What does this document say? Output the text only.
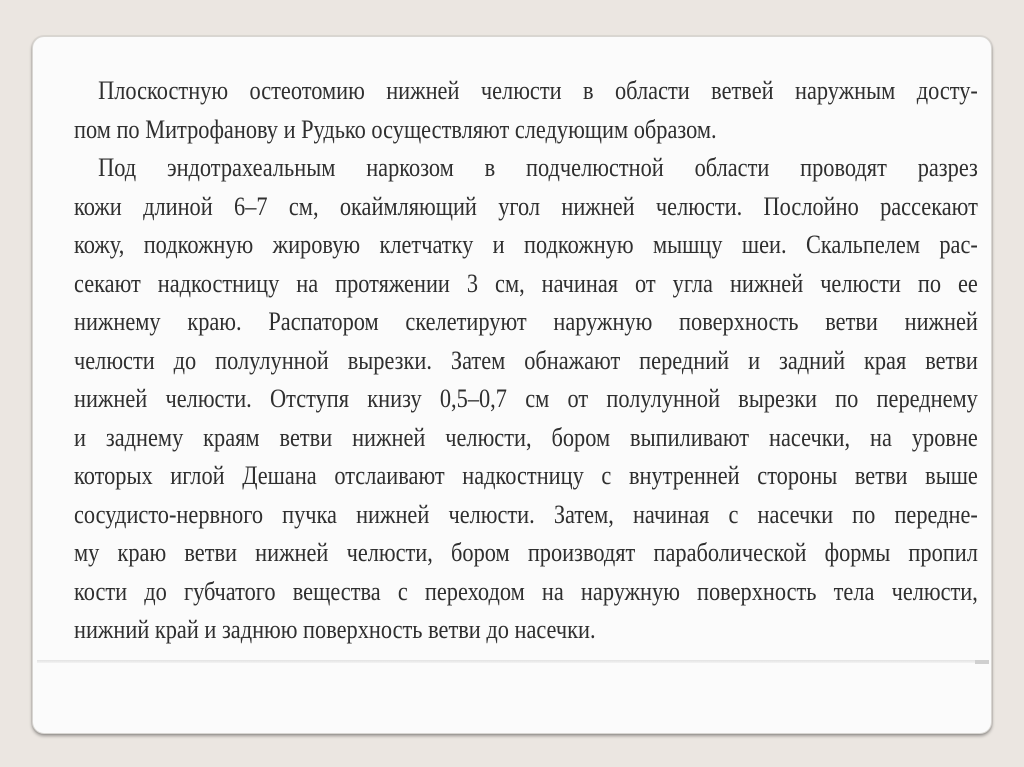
Плоскостную остеотомию нижней челюсти в области ветвей наружным досту-
пом по Митрофанову и Рудько осуществляют следующим образом.
Под эндотрахеальным наркозом в подчелюстной области проводят разрез
кожи длиной 6–7 см, окаймляющий угол нижней челюсти. Послойно рассекают
кожу, подкожную жировую клетчатку и подкожную мышцу шеи. Скальпелем рас-
секают надкостницу на протяжении 3 см, начиная от угла нижней челюсти по ее
нижнему краю. Распатором скелетируют наружную поверхность ветви нижней
челюсти до полулунной вырезки. Затем обнажают передний и задний края ветви
нижней челюсти. Отступя книзу 0,5–0,7 см от полулунной вырезки по переднему
и заднему краям ветви нижней челюсти, бором выпиливают насечки, на уровне
которых иглой Дешана отслаивают надкостницу с внутренней стороны ветви выше
сосудисто-нервного пучка нижней челюсти. Затем, начиная с насечки по передне-
му краю ветви нижней челюсти, бором производят параболической формы пропил
кости до губчатого вещества с переходом на наружную поверхность тела челюсти,
нижний край и заднюю поверхность ветви до насечки.
